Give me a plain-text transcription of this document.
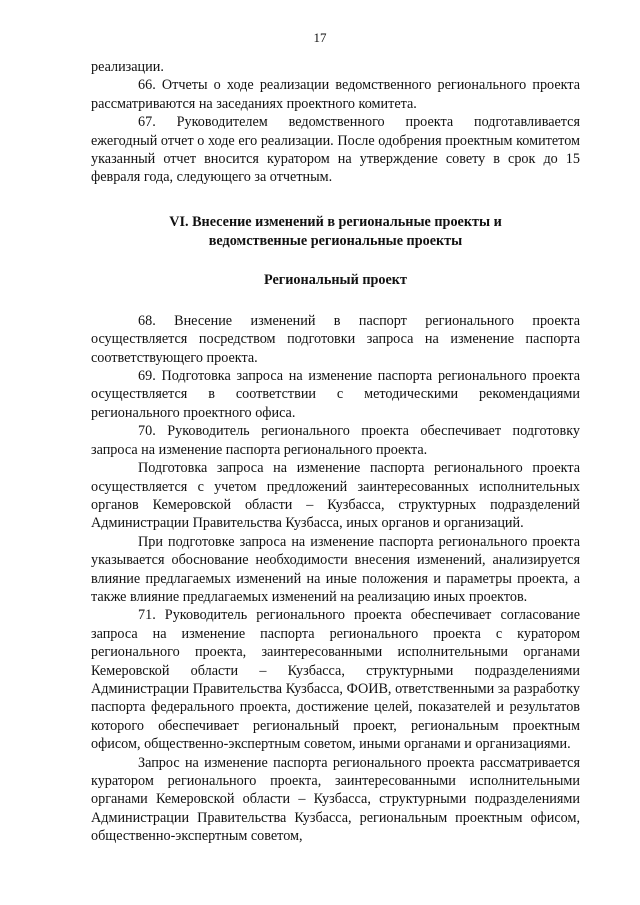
17

реализации.

66. Отчеты о ходе реализации ведомственного регионального проекта рассматриваются на заседаниях проектного комитета.

67. Руководителем ведомственного проекта подготавливается ежегодный отчет о ходе его реализации. После одобрения проектным комитетом указанный отчет вносится куратором на утверждение совету в срок до 15 февраля года, следующего за отчетным.

VI. Внесение изменений в региональные проекты и
ведомственные региональные проекты
Региональный проект

68. Внесение изменений в паспорт регионального проекта осуществляется посредством подготовки запроса на изменение паспорта соответствующего проекта.

69. Подготовка запроса на изменение паспорта регионального проекта осуществляется в соответствии с методическими рекомендациями регионального проектного офиса.

70. Руководитель регионального проекта обеспечивает подготовку запроса на изменение паспорта регионального проекта.

Подготовка запроса на изменение паспорта регионального проекта осуществляется с учетом предложений заинтересованных исполнительных органов Кемеровской области – Кузбасса, структурных подразделений Администрации Правительства Кузбасса, иных органов и организаций.

При подготовке запроса на изменение паспорта регионального проекта указывается обоснование необходимости внесения изменений, анализируется влияние предлагаемых изменений на иные положения и параметры проекта, а также влияние предлагаемых изменений на реализацию иных проектов.

71. Руководитель регионального проекта обеспечивает согласование запроса на изменение паспорта регионального проекта с куратором регионального проекта, заинтересованными исполнительными органами Кемеровской области – Кузбасса, структурными подразделениями Администрации Правительства Кузбасса, ФОИВ, ответственными за разработку паспорта федерального проекта, достижение целей, показателей и результатов которого обеспечивает региональный проект, региональным проектным офисом, общественно-экспертным советом, иными органами и организациями.

Запрос на изменение паспорта регионального проекта рассматривается куратором регионального проекта, заинтересованными исполнительными органами Кемеровской области – Кузбасса, структурными подразделениями Администрации Правительства Кузбасса, региональным проектным офисом, общественно-экспертным советом,
